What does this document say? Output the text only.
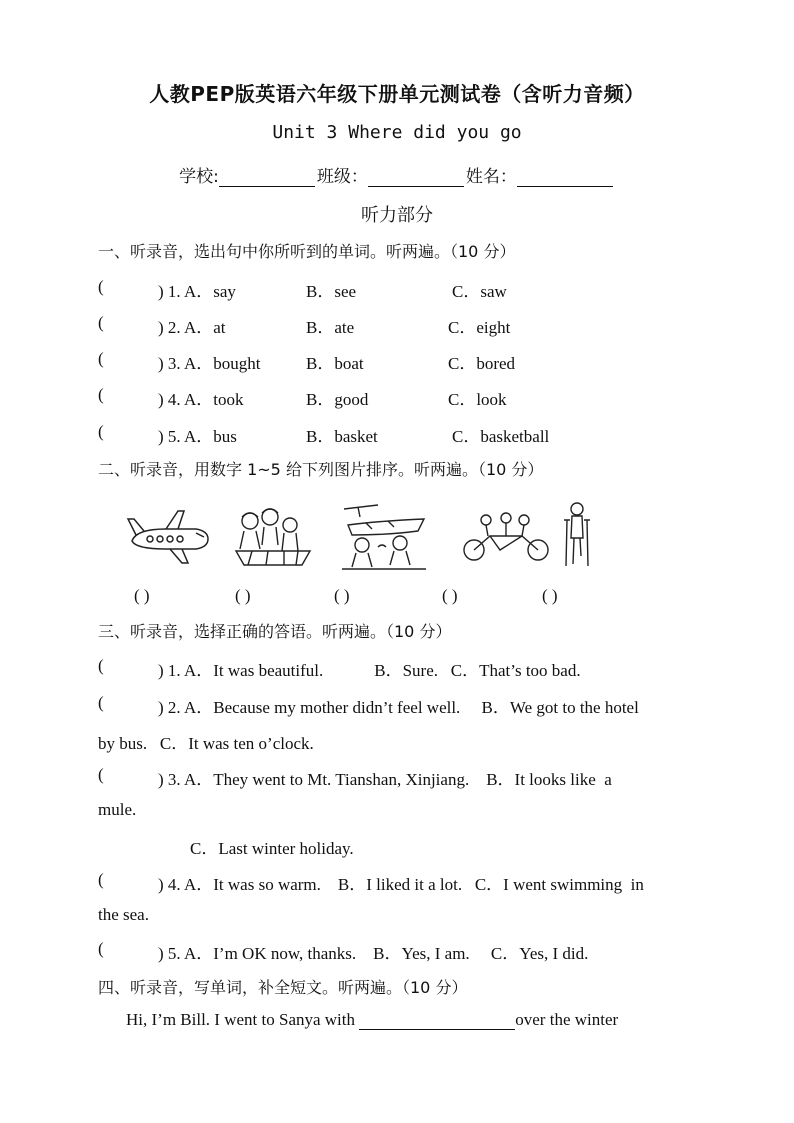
人教PEP版英语六年级下册单元测试卷（含听力音频）
Unit 3 Where did you go
学校:	班级：	姓名：
听力部分
一、听录音，选出句中你所听到的单词。听两遍。（10 分）
(	) 1. A．say	B．see	C．saw
(	) 2. A．at	B．ate	C．eight
(	) 3. A．bought	B．boat	C．bored
(	) 4. A．took	B．good	C．look
(	) 5. A．bus	B．basket	C．basketball
二、听录音，用数字 1~5 给下列图片排序。听两遍。（10 分）
( )	( )	( )	( )	( )
三、听录音，选择正确的答语。听两遍。（10 分）
(	) 1. A．It was beautiful.            B．Sure.   C．That’s too bad.
(	) 2. A．Because my mother didn’t feel well.     B．We got to the hotel
by bus.   C．It was ten o’clock.
(	) 3. A．They went to Mt. Tianshan, Xinjiang.    B．It looks like  a
mule.
C．Last winter holiday.
(	) 4. A．It was so warm.    B．I liked it a lot.   C．I went swimming  in
the sea.
(	) 5. A．I’m OK now, thanks.    B．Yes, I am.     C．Yes, I did.
四、听录音，写单词，补全短文。听两遍。（10 分）
Hi, I’m Bill. I went to Sanya with	over the winter
